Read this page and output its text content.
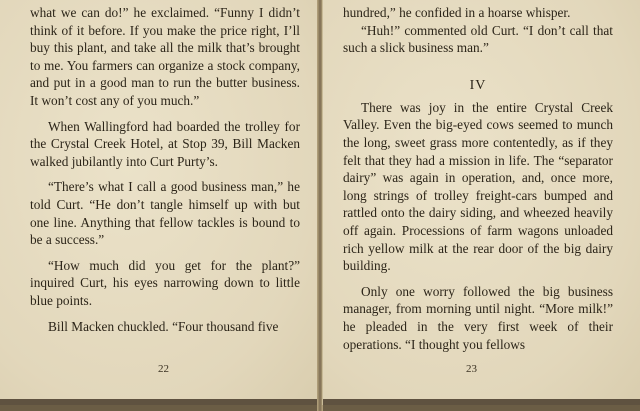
what we can do!” he exclaimed. “Funny I didn’t think of it before. If you make the price right, I’ll buy this plant, and take all the milk that’s brought to me. You farmers can organize a stock company, and put in a good man to run the butter business. It won’t cost any of you much.”

When Wallingford had boarded the trolley for the Crystal Creek Hotel, at Stop 39, Bill Macken walked jubilantly into Curt Purty’s.

“There’s what I call a good business man,” he told Curt. “He don’t tangle himself up with but one line. Anything that fellow tackles is bound to be a success.”

“How much did you get for the plant?” inquired Curt, his eyes narrowing down to little blue points.

Bill Macken chuckled. “Four thousand five

22

hundred,” he confided in a hoarse whisper.

“Huh!” commented old Curt. “I don’t call that such a slick business man.”

IV

There was joy in the entire Crystal Creek Valley. Even the big-eyed cows seemed to munch the long, sweet grass more contentedly, as if they felt that they had a mission in life. The “separator dairy” was again in operation, and, once more, long strings of trolley freight-cars bumped and rattled onto the dairy siding, and wheezed heavily off again. Processions of farm wagons unloaded rich yellow milk at the rear door of the big dairy building.

Only one worry followed the big business manager, from morning until night. “More milk!” he pleaded in the very first week of their operations. “I thought you fellows

23
